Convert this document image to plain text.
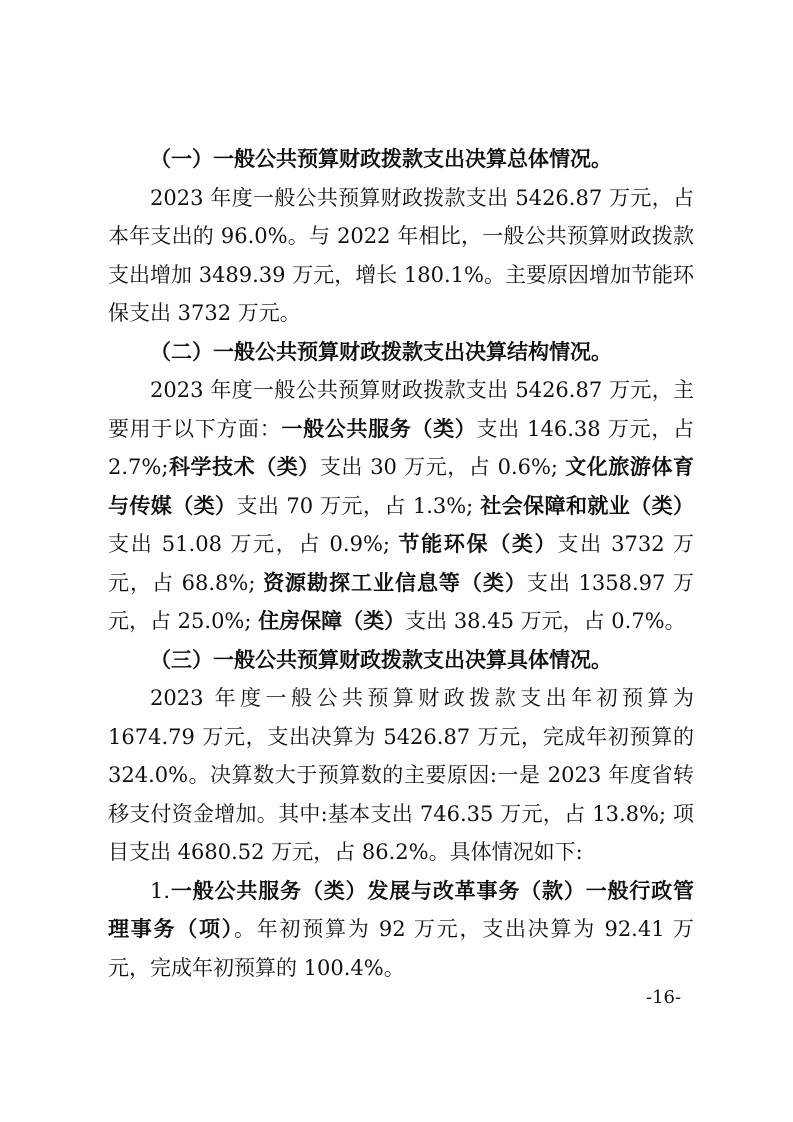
（一）一般公共预算财政拨款支出决算总体情况。

2023 年度一般公共预算财政拨款支出 5426.87 万元，占本年支出的 96.0%。与 2022 年相比，一般公共预算财政拨款支出增加 3489.39 万元，增长 180.1%。主要原因增加节能环保支出 3732 万元。

（二）一般公共预算财政拨款支出决算结构情况。

2023 年度一般公共预算财政拨款支出 5426.87 万元，主要用于以下方面：一般公共服务（类）支出 146.38 万元，占 2.7%;科学技术（类）支出 30 万元，占 0.6%; 文化旅游体育与传媒（类）支出 70 万元，占 1.3%; 社会保障和就业（类）支出 51.08 万元，占 0.9%; 节能环保（类）支出 3732 万元，占 68.8%; 资源勘探工业信息等（类）支出 1358.97 万元，占 25.0%; 住房保障（类）支出 38.45 万元，占 0.7%。

（三）一般公共预算财政拨款支出决算具体情况。

2023 年度一般公共预算财政拨款支出年初预算为 1674.79 万元，支出决算为 5426.87 万元，完成年初预算的 324.0%。决算数大于预算数的主要原因:一是 2023 年度省转移支付资金增加。其中:基本支出 746.35 万元，占 13.8%; 项目支出 4680.52 万元，占 86.2%。具体情况如下:

1.一般公共服务（类）发展与改革事务（款）一般行政管理事务（项）。年初预算为 92 万元，支出决算为 92.41 万元，完成年初预算的 100.4%。

-16-
